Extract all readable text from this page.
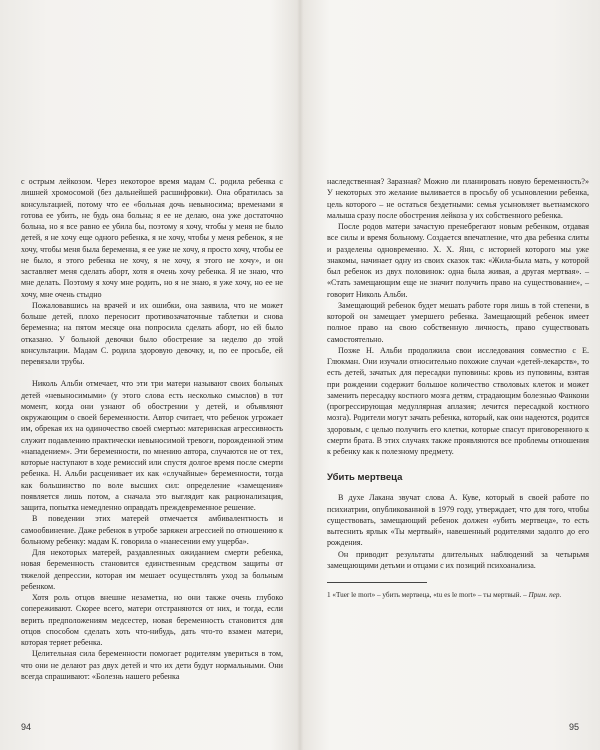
с острым лейкозом. Через некоторое время мадам С. родила ребенка с лишней хромосомой (без дальнейшей расшифровки). Она обратилась за консультацией, потому что ее «больная дочь невыносима; временами я готова ее убить, не будь она больна; я ее не делаю, она уже достаточно больна, но я все равно ее убила бы, поэтому я хочу, чтобы у меня не было детей, я не хочу еще одного ребенка, я не хочу, чтобы у меня ребенок, я не хочу, чтобы меня была беременна, я ее уже не хочу, я просто хочу, чтобы ее не было, я этого ребенка не хочу, я не хочу, я этого не хочу», и он заставляет меня сделать аборт, хотя я очень хочу ребенка. Я не знаю, что мне делать. Поэтому я хочу мне родить, но я не знаю, я уже хочу, но ее не хочу, мне очень стыдно

Пожаловавшись на врачей и их ошибки, она заявила, что не может больше детей, плохо переносит противозачаточные таблетки и снова беременна; на пятом месяце она попросила сделать аборт, но ей было отказано. У больной девочки было обострение за неделю до этой консультации. Мадам С. родила здоровую девочку, и, по ее просьбе, ей перевязали трубы.

Николь Альби отмечает, что эти три матери называют своих больных детей «невыносимыми» (у этого слова есть несколько смыслов) в тот момент, когда они узнают об обострении у детей, и объявляют окружающим о своей беременности. Автор считает, что ребенок угрожает им, обрекая их на одиночество своей смертью: материнская агрессивность служит подавлению практически невыносимой тревоги, порожденной этим «нападением». Эти беременности, по мнению автора, случаются не от тех, которые наступают в ходе ремиссий или спустя долгое время после смерти ребенка. Н. Альби расценивает их как «случайные» беременности, тогда как большинство по воле высших сил: определение «замещения» появляется лишь потом, а сначала это выглядит как рационализация, защита, попытка немедленно оправдать преждевременное решение.

В поведении этих матерей отмечается амбивалентность и самообвинение. Даже ребенок в утробе заряжен агрессией по отношению к больному ребенку: мадам К. говорила о «нанесении ему ущерба».

Для некоторых матерей, раздавленных ожиданием смерти ребенка, новая беременность становится единственным средством защиты от тяжелой депрессии, которая им мешает осуществлять уход за больным ребенком.

Хотя роль отцов внешне незаметна, но они также очень глубоко сопереживают. Скорее всего, матери отстраняются от них, и тогда, если верить предположениям медсестер, новая беременность становится для отцов способом сделать хоть что-нибудь, дать что-то взамен матери, которая теряет ребенка.

Целительная сила беременности помогает родителям увериться в том, что они не делают раз двух детей и что их дети будут нормальными. Они всегда спрашивают: «Болезнь нашего ребенка

94

наследственная? Заразная? Можно ли планировать новую беременность?» У некоторых это желание выливается в просьбу об усыновлении ребенка, цель которого – не остаться бездетными: семья усыновляет вьетнамского малыша сразу после обострения лейкоза у их собственного ребенка.

После родов матери зачастую пренебрегают новым ребенком, отдавая все силы и время больному. Создается впечатление, что два ребенка слиты и разделены одновременно. Х. Х. Янн, с историей которого мы уже знакомы, начинает одну из своих сказок так: «Жила-была мать, у которой был ребенок из двух половинок: одна была живая, а другая мертвая». – «Стать замещающим еще не значит получить право на существование», – говорит Николь Альби.

Замещающий ребенок будет мешать работе горя лишь в той степени, в которой он замещает умершего ребенка. Замещающий ребенок имеет полное право на свою собственную личность, право существовать самостоятельно.

Позже Н. Альби продолжила свои исследования совместно с Е. Глюкман. Они изучали относительно похожие случаи «детей-лекарств», то есть детей, зачатых для пересадки пуповины: кровь из пуповины, взятая при рождении содержит большое количество стволовых клеток и может заменить пересадку костного мозга детям, страдающим болезнью Фанкони (прогрессирующая медуллярная аплазия; лечится пересадкой костного мозга). Родители могут зачать ребенка, который, как они надеются, родится здоровым, с целью получить его клетки, которые спасут приговоренного к смерти брата. В этих случаях также проявляются все проблемы отношения к ребенку как к полезному предмету.

Убить мертвеца

В духе Лакана звучат слова А. Куве, который в своей работе по психиатрии, опубликованной в 1979 году, утверждает, что для того, чтобы существовать, замещающий ребенок должен «убить мертвеца», то есть вытеснить ярлык «Ты мертвый», навешенный родителями задолго до его рождения.

Он приводит результаты длительных наблюдений за четырьмя замещающими детьми и отцами с их позиций психоанализа.

1 «Tuer le mort» – убить мертвеца, «tu es le mort» – ты мертвый. – Прим. пер.
95
